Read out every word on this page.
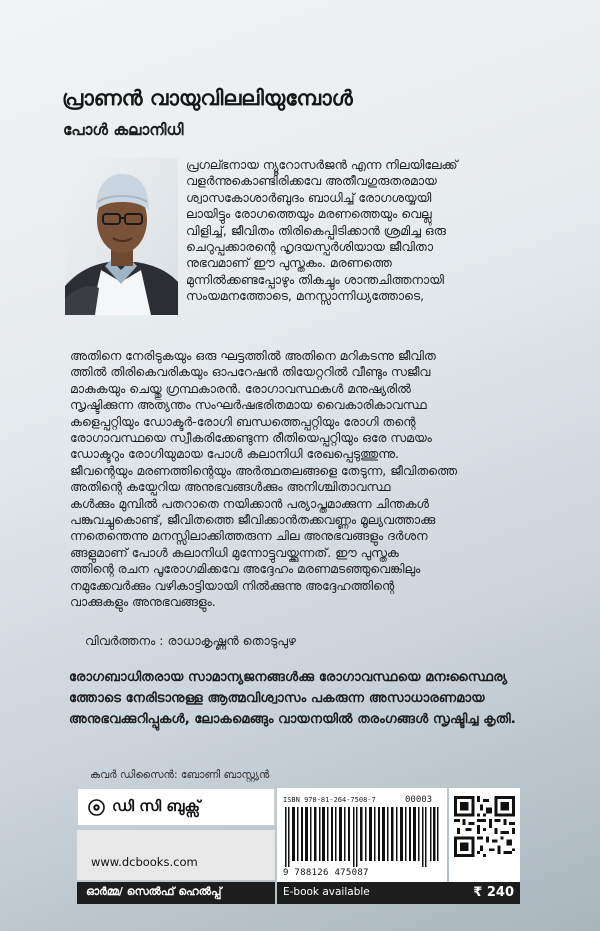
പ്രാണൻ വായുവിലലിയുമ്പോൾ
പോൾ കലാനിധി
പ്രഗല്ഭനായ ന്യൂറോസർജൻ എന്ന നിലയിലേക്ക്
വളർന്നുകൊണ്ടിരിക്കവേ അതീവഗുരുതരമായ
ശ്വാസകോശാർബുദം ബാധിച്ച് രോഗശയ്യയി
ലായിട്ടും രോഗത്തെയും മരണത്തെയും വെല്ലു
വിളിച്ച്, ജീവിതം തിരികെപ്പിടിക്കാൻ ശ്രമിച്ച ഒരു
ചെറുപ്പക്കാരന്റെ ഹൃദയസ്പർശിയായ ജീവിതാ
നുഭവമാണ് ഈ പുസ്തകം. മരണത്തെ
മുന്നിൽക്കണ്ടപ്പോഴും തികച്ചും ശാന്തചിത്തനായി
സംയമനത്തോടെ, മനസ്സാന്നിധ്യത്തോടെ,
അതിനെ നേരിടുകയും ഒരു ഘട്ടത്തിൽ അതിനെ മറികടന്നു ജീവിത
ത്തിൽ തിരികെവരികയും ഓപറേഷൻ തിയേറ്ററിൽ വീണ്ടും സജീവ
മാകുകയും ചെയ്തു ഗ്രന്ഥകാരൻ. രോഗാവസ്ഥകൾ മനുഷ്യരിൽ
സൃഷ്ടിക്കുന്ന അത്യന്തം സംഘർഷഭരിതമായ വൈകാരികാവസ്ഥ
കളെപ്പറ്റിയും ഡോക്ടർ-രോഗി ബന്ധത്തെപ്പറ്റിയും രോഗി തന്റെ
രോഗാവസ്ഥയെ സ്വീകരിക്കേണ്ടുന്ന രീതിയെപ്പറ്റിയും ഒരേ സമയം
ഡോക്ടറും രോഗിയുമായ പോൾ കലാനിധി രേഖപ്പെടുത്തുന്നു.
ജീവന്റെയും മരണത്തിന്റെയും അർത്ഥതലങ്ങളെ തേടുന്ന, ജീവിതത്തെ
അതിന്റെ കയ്പേറിയ അനുഭവങ്ങൾക്കും അനിശ്ചിതാവസ്ഥ
കൾക്കും മുമ്പിൽ പതറാതെ നയിക്കാൻ പര്യാപ്തമാക്കുന്ന ചിന്തകൾ
പങ്കുവച്ചുകൊണ്ട്, ജീവിതത്തെ ജീവിക്കാൻതക്കവണ്ണം മൂല്യവത്താക്കു
ന്നതെന്തെന്നു മനസ്സിലാക്കിത്തരുന്ന ചില അനുഭവങ്ങളും ദർശന
ങ്ങളുമാണ് പോൾ കലാനിധി മുന്നോട്ടുവയ്ക്കുന്നത്. ഈ പുസ്തക
ത്തിന്റെ രചന പൂരോഗമിക്കവേ അദ്ദേഹം മരണമടഞ്ഞുവെങ്കിലും
നമുക്കേവർക്കും വഴികാട്ടിയായി നിൽക്കുന്നു അദ്ദേഹത്തിന്റെ
വാക്കുകളും അനുഭവങ്ങളും.
വിവർത്തനം : രാധാകൃഷ്ണൻ തൊടുപുഴ
രോഗബാധിതരായ സാമാന്യജനങ്ങൾക്കു രോഗാവസ്ഥയെ മനഃസ്ഥൈര്യ
ത്തോടെ നേരിടാനുള്ള ആത്മവിശ്വാസം പകരുന്ന അസാധാരണമായ
അനുഭവക്കുറിപ്പുകൾ, ലോകമെങ്ങും വായനയിൽ തരംഗങ്ങൾ സൃഷ്ടിച്ച കൃതി.
കവർ ഡിസൈൻ: ബോണി ബാസ്റ്റ്യൻ
ഡി സി ബുക്സ്
www.dcbooks.com
ഓർമ്മ/ സെൽഫ് ഹെൽപ്പ്
ISBN 978-81-264-7508-7	00003
9 788126 475087
E-book available	₹ 240
